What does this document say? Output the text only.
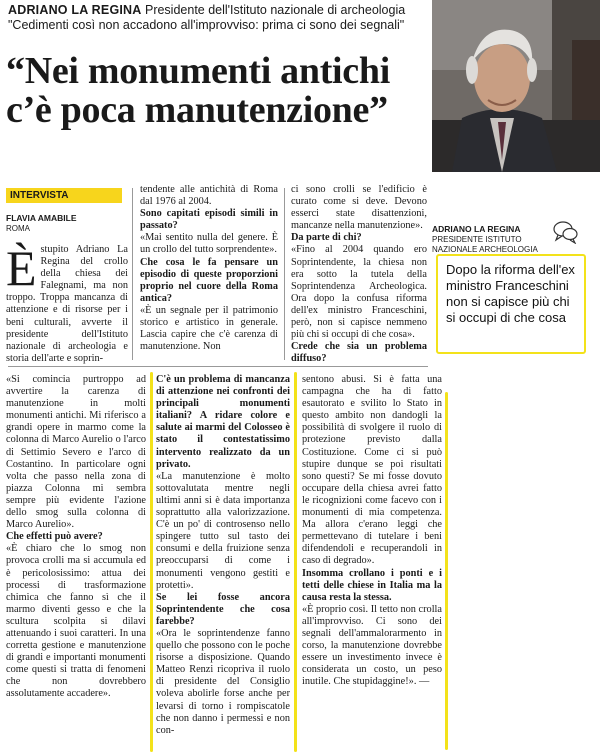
ADRIANO LA REGINA Presidente dell'Istituto nazionale di archeologia
"Cedimenti così non accadono all'improvviso: prima ci sono dei segnali"
“Nei monumenti antichi
c’è poca manutenzione”
ADRIANO LA REGINA
PRESIDENTE ISTITUTO
NAZIONALE ARCHEOLOGIA
Dopo la riforma dell'ex ministro Franceschini non si capisce più chi si occupi di che cosa
INTERVISTA
FLAVIA AMABILE
ROMA

Èstupito Adriano La Regina del crollo della chiesa dei Falegnami, ma non troppo. Troppa mancanza di attenzione e di risorse per i beni culturali, avverte il presidente dell'Istituto nazionale di archeologia e storia dell'arte e soprin-

tendente alle antichità di Roma dal 1976 al 2004.

Sono capitati episodi simili in passato?

«Mai sentito nulla del genere. È un crollo del tutto sorprendente».

Che cosa le fa pensare un episodio di queste proporzioni proprio nel cuore della Roma antica?

«È un segnale per il patrimonio storico e artistico in generale. Lascia capire che c'è carenza di manutenzione. Non

ci sono crolli se l'edificio è curato come si deve. Devono esserci state disattenzioni, mancanze nella manutenzione».

Da parte di chi?

«Fino al 2004 quando ero Soprintendente, la chiesa non era sotto la tutela della Soprintendenza Archeologica. Ora dopo la confusa riforma dell'ex ministro Franceschini, però, non si capisce nemmeno più chi si occupi di che cosa».

Crede che sia un problema diffuso?

«Si comincia purtroppo ad avvertire la carenza di manutenzione in molti monumenti antichi. Mi riferisco a grandi opere in marmo come la colonna di Marco Aurelio o l'arco di Settimio Severo e l'arco di Costantino. In particolare ogni volta che passo nella zona di piazza Colonna mi sembra sempre più evidente l'azione dello smog sulla colonna di Marco Aurelio».

Che effetti può avere?

«È chiaro che lo smog non provoca crolli ma si accumula ed è pericolosissimo: attua dei processi di trasformazione chimica che fanno sì che il marmo diventi gesso e che la scultura scolpita si dilavi attenuando i suoi caratteri. In una corretta gestione e manutenzione di grandi e importanti monumenti come questi si tratta di fenomeni che non dovrebbero assolutamente accadere».

C'è un problema di mancanza di attenzione nei confronti dei principali monumenti italiani? A ridare colore e salute ai marmi del Colosseo è stato il contestatissimo intervento realizzato da un privato.

«La manutenzione è molto sottovalutata mentre negli ultimi anni si è data importanza soprattutto alla valorizzazione. C'è un po' di controsenso nello spingere tutto sul tasto dei consumi e della fruizione senza preoccuparsi di come i monumenti vengono gestiti e protetti».

Se lei fosse ancora Soprintendente che cosa farebbe?

«Ora le soprintendenze fanno quello che possono con le poche risorse a disposizione. Quando Matteo Renzi ricopriva il ruolo di presidente del Consiglio voleva abolirle forse anche per levarsi di torno i rompiscatole che non danno i permessi e non con-

sentono abusi. Si è fatta una campagna che ha di fatto esautorato e svilito lo Stato in questo ambito non dandogli la possibilità di svolgere il ruolo di protezione previsto dalla Costituzione. Come ci si può stupire dunque se poi risultati sono questi? Se mi fosse dovuto occupare della chiesa avrei fatto le ricognizioni come facevo con i monumenti di mia competenza. Ma allora c'erano leggi che permettevano di tutelare i beni difendendoli e recuperandoli in caso di degrado».

Insomma crollano i ponti e i tetti delle chiese in Italia ma la causa resta la stessa.

«È proprio così. Il tetto non crolla all'improvviso. Ci sono dei segnali dell'ammalorarmento in corso, la manutenzione dovrebbe essere un investimento invece è considerata un costo, un peso inutile. Che stupidaggine!». —
